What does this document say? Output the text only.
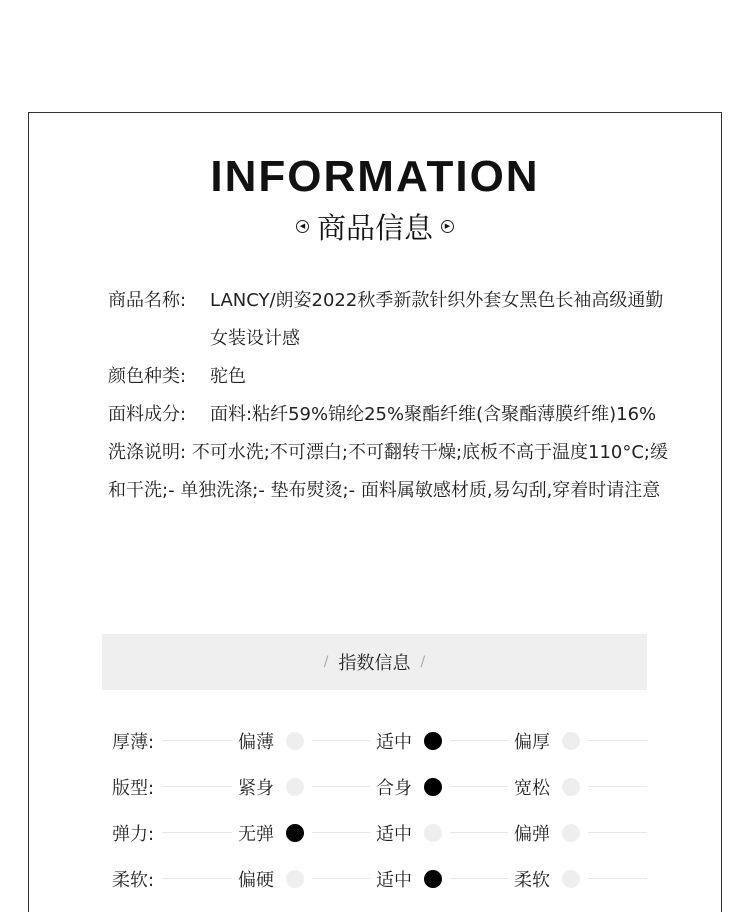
INFORMATION
◀ 商品信息	▶
商品名称:	LANCY/朗姿2022秋季新款针织外套女黑色长袖高级通勤女装设计感
颜色种类:	驼色
面料成分:	面料:粘纤59%锦纶25%聚酯纤维(含聚酯薄膜纤维)16%
洗涤说明: 不可水洗;不可漂白;不可翻转干燥;底板不高于温度110°C;缓和干洗;- 单独洗涤;- 垫布熨烫;- 面料属敏感材质,易勾刮,穿着时请注意
/ 指数信息 /
厚薄:	偏薄	适中	偏厚
版型:	紧身	合身	宽松
弹力:	无弹	适中	偏弹
柔软:	偏硬	适中	柔软
